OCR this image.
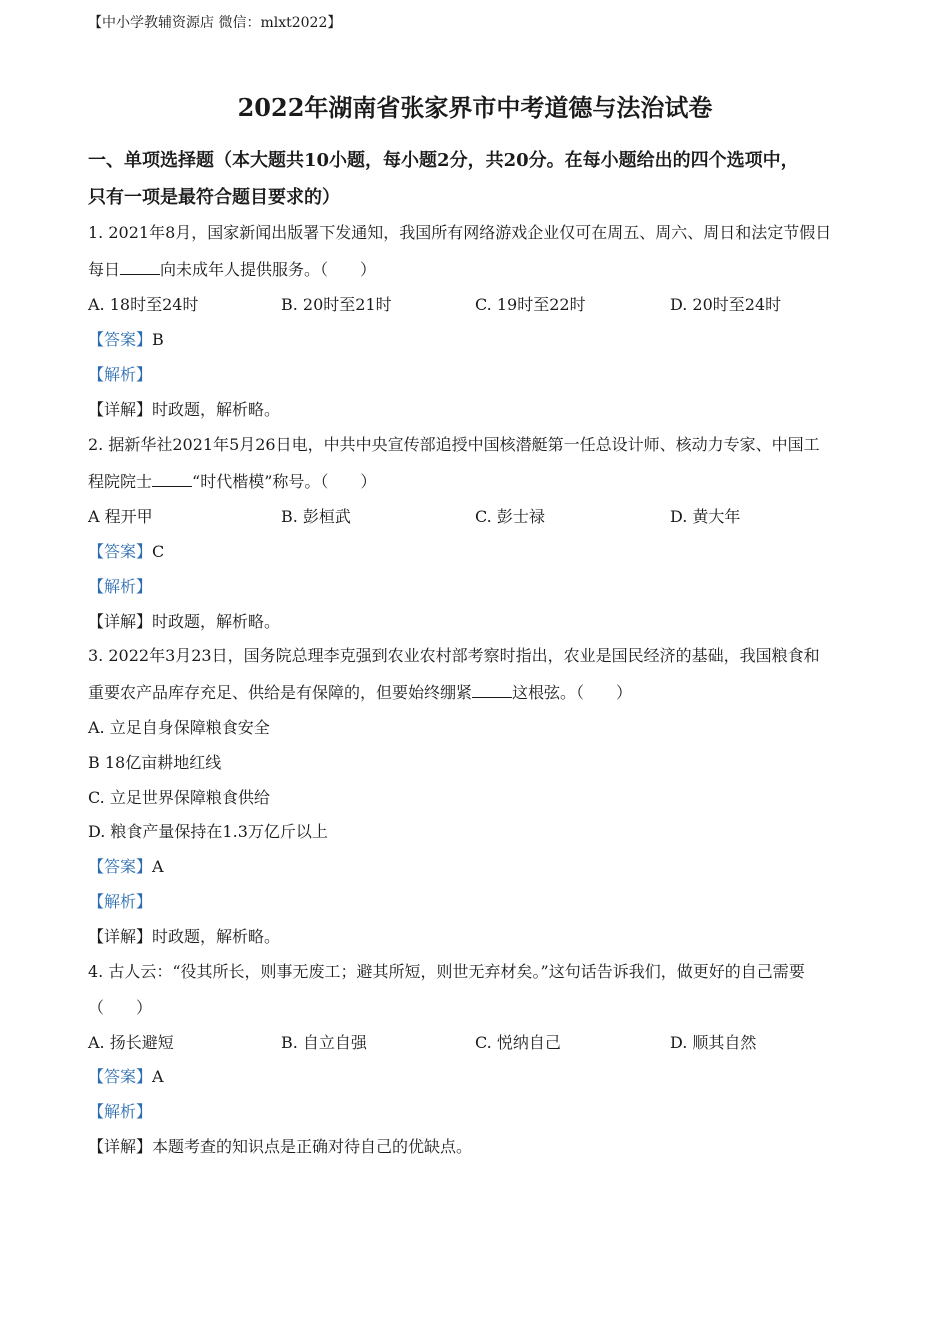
【中小学教辅资源店 微信：mlxt2022】
2022年湖南省张家界市中考道德与法治试卷
一、单项选择题（本大题共10小题，每小题2分，共20分。在每小题给出的四个选项中，
只有一项是最符合题目要求的）
1. 2021年8月，国家新闻出版署下发通知，我国所有网络游戏企业仅可在周五、周六、周日和法定节假日
每日	向未成年人提供服务。（　　）
A. 18时至24时	B. 20时至21时	C. 19时至22时	D. 20时至24时
【答案】B
【解析】
【详解】时政题，解析略。
2. 据新华社2021年5月26日电，中共中央宣传部追授中国核潜艇第一任总设计师、核动力专家、中国工
程院院士	“时代楷模”称号。（　　）
A 程开甲	B. 彭桓武	C. 彭士禄	D. 黄大年
【答案】C
【解析】
【详解】时政题，解析略。
3. 2022年3月23日，国务院总理李克强到农业农村部考察时指出，农业是国民经济的基础，我国粮食和
重要农产品库存充足、供给是有保障的，但要始终绷紧	这根弦。（　　）
A. 立足自身保障粮食安全
B 18亿亩耕地红线
C. 立足世界保障粮食供给
D. 粮食产量保持在1.3万亿斤以上
【答案】A
【解析】
【详解】时政题，解析略。
4. 古人云：“役其所长，则事无废工；避其所短，则世无弃材矣。”这句话告诉我们，做更好的自己需要
（　　）
A. 扬长避短	B. 自立自强	C. 悦纳自己	D. 顺其自然
【答案】A
【解析】
【详解】本题考查的知识点是正确对待自己的优缺点。
